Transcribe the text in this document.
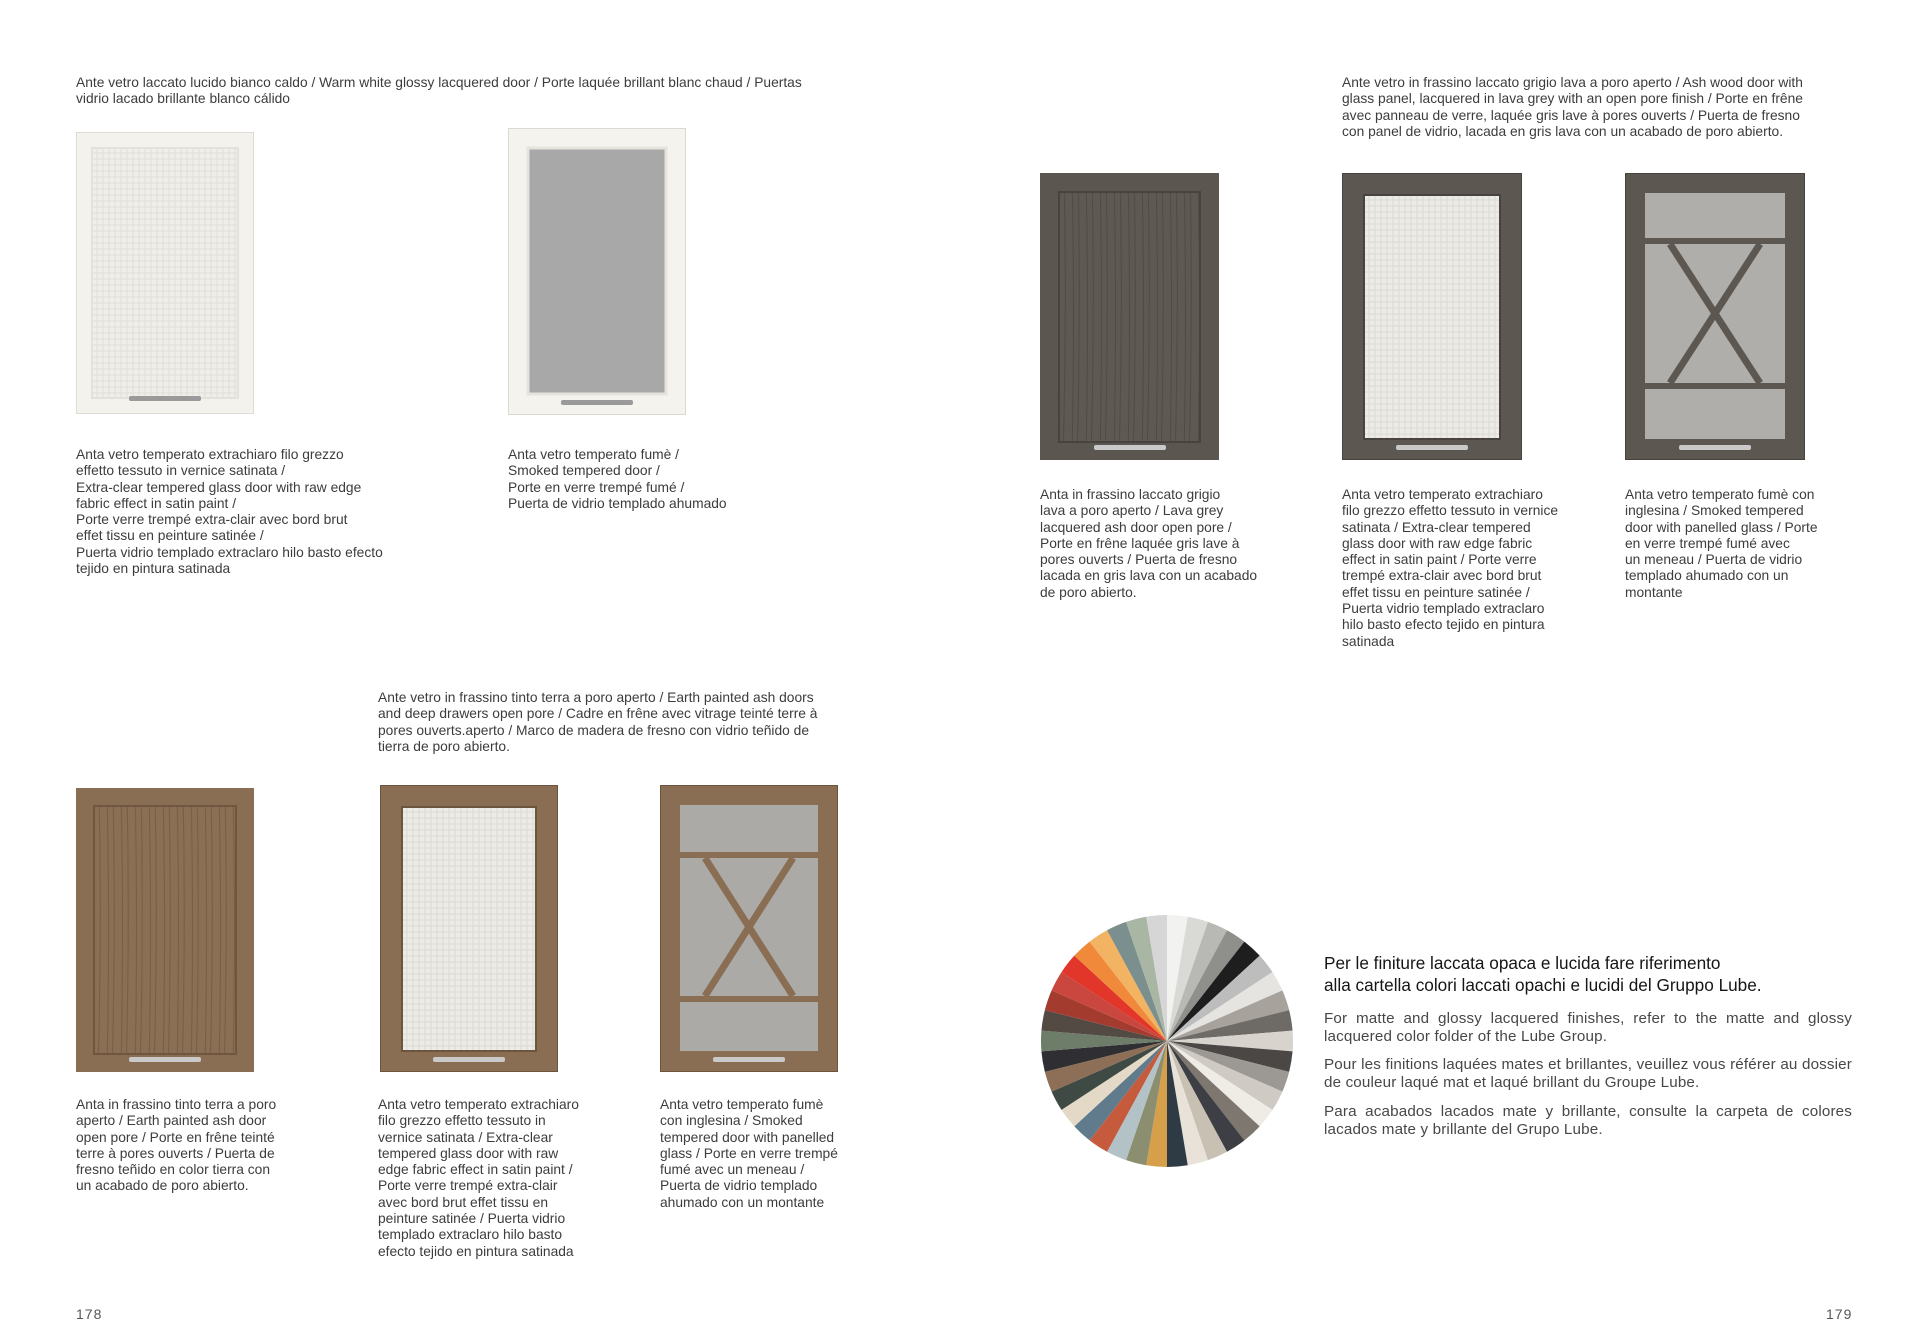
Ante vetro laccato lucido bianco caldo / Warm white glossy lacquered door / Porte laquée brillant blanc chaud / Puertas
vidrio lacado brillante blanco cálido
Anta vetro temperato extrachiaro filo grezzo
effetto tessuto in vernice satinata /
Extra-clear tempered glass door with raw edge
fabric effect in satin paint /
Porte verre trempé extra-clair avec bord brut
effet tissu en peinture satinée /
Puerta vidrio templado extraclaro hilo basto efecto
tejido en pintura satinada
Anta vetro temperato fumè /
Smoked tempered door /
Porte en verre trempé fumé /
Puerta de vidrio templado ahumado
Ante vetro in frassino tinto terra a poro aperto / Earth painted ash doors
and deep drawers open pore / Cadre en frêne avec vitrage teinté terre à
pores ouverts.aperto / Marco de madera de fresno con vidrio teñido de
tierra de poro abierto.
Anta in frassino tinto terra a poro
aperto / Earth painted ash door
open pore / Porte en frêne teinté
terre à pores ouverts / Puerta de
fresno teñido en color tierra con
un acabado de poro abierto.
Anta vetro temperato extrachiaro
filo grezzo effetto tessuto in
vernice satinata / Extra-clear
tempered glass door with raw
edge fabric effect in satin paint /
Porte verre trempé extra-clair
avec bord brut effet tissu en
peinture satinée / Puerta vidrio
templado extraclaro hilo basto
efecto tejido en pintura satinada
Anta vetro temperato fumè
con inglesina / Smoked
tempered door with panelled
glass / Porte en verre trempé
fumé avec un meneau /
Puerta de vidrio templado
ahumado con un montante
178
Ante vetro in frassino laccato grigio lava a poro aperto / Ash wood door with
glass panel, lacquered in lava grey with an open pore finish / Porte en frêne
avec panneau de verre, laquée gris lave à pores ouverts / Puerta de fresno
con panel de vidrio, lacada en gris lava con un acabado de poro abierto.
Anta in frassino laccato grigio
lava a poro aperto / Lava grey
lacquered ash door open pore /
Porte en frêne laquée gris lave à
pores ouverts / Puerta de fresno
lacada en gris lava con un acabado
de poro abierto.
Anta vetro temperato extrachiaro
filo grezzo effetto tessuto in vernice
satinata / Extra-clear tempered
glass door with raw edge fabric
effect in satin paint / Porte verre
trempé extra-clair avec bord brut
effet tissu en peinture satinée /
Puerta vidrio templado extraclaro
hilo basto efecto tejido en pintura
satinada
Anta vetro temperato fumè con
inglesina / Smoked tempered
door with panelled glass / Porte
en verre trempé fumé avec
un meneau / Puerta de vidrio
templado ahumado con un
montante
Per le finiture laccata opaca e lucida fare riferimento
alla cartella colori laccati opachi e lucidi del Gruppo Lube.
For matte and glossy lacquered finishes, refer to the matte and glossy lacquered color folder of the Lube Group.
Pour les finitions laquées mates et brillantes, veuillez vous référer au dossier de couleur laqué mat et laqué brillant du Groupe Lube.
Para acabados lacados mate y brillante, consulte la carpeta de colores lacados mate y brillante del Grupo Lube.
179
